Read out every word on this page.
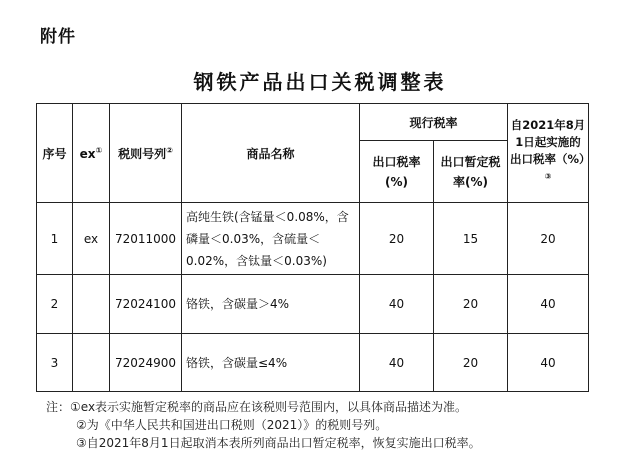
附件
钢铁产品出口关税调整表
序号	ex①	税则号列②	商品名称	现行税率		自2021年8月1日起实施的出口税率（%）③
				出口税率(%)	出口暂定税率(%)	
1	ex	72011000	高纯生铁(含锰量＜0.08%，含磷量＜0.03%，含硫量＜0.02%，含钛量＜0.03%)	20	15	20
2		72024100	铬铁，含碳量＞4%	40	20	40
3		72024900	铬铁，含碳量≤4%	40	20	40
注：①ex表示实施暂定税率的商品应在该税则号范围内，以具体商品描述为准。
②为《中华人民共和国进出口税则（2021）》的税则号列。
③自2021年8月1日起取消本表所列商品出口暂定税率，恢复实施出口税率。
